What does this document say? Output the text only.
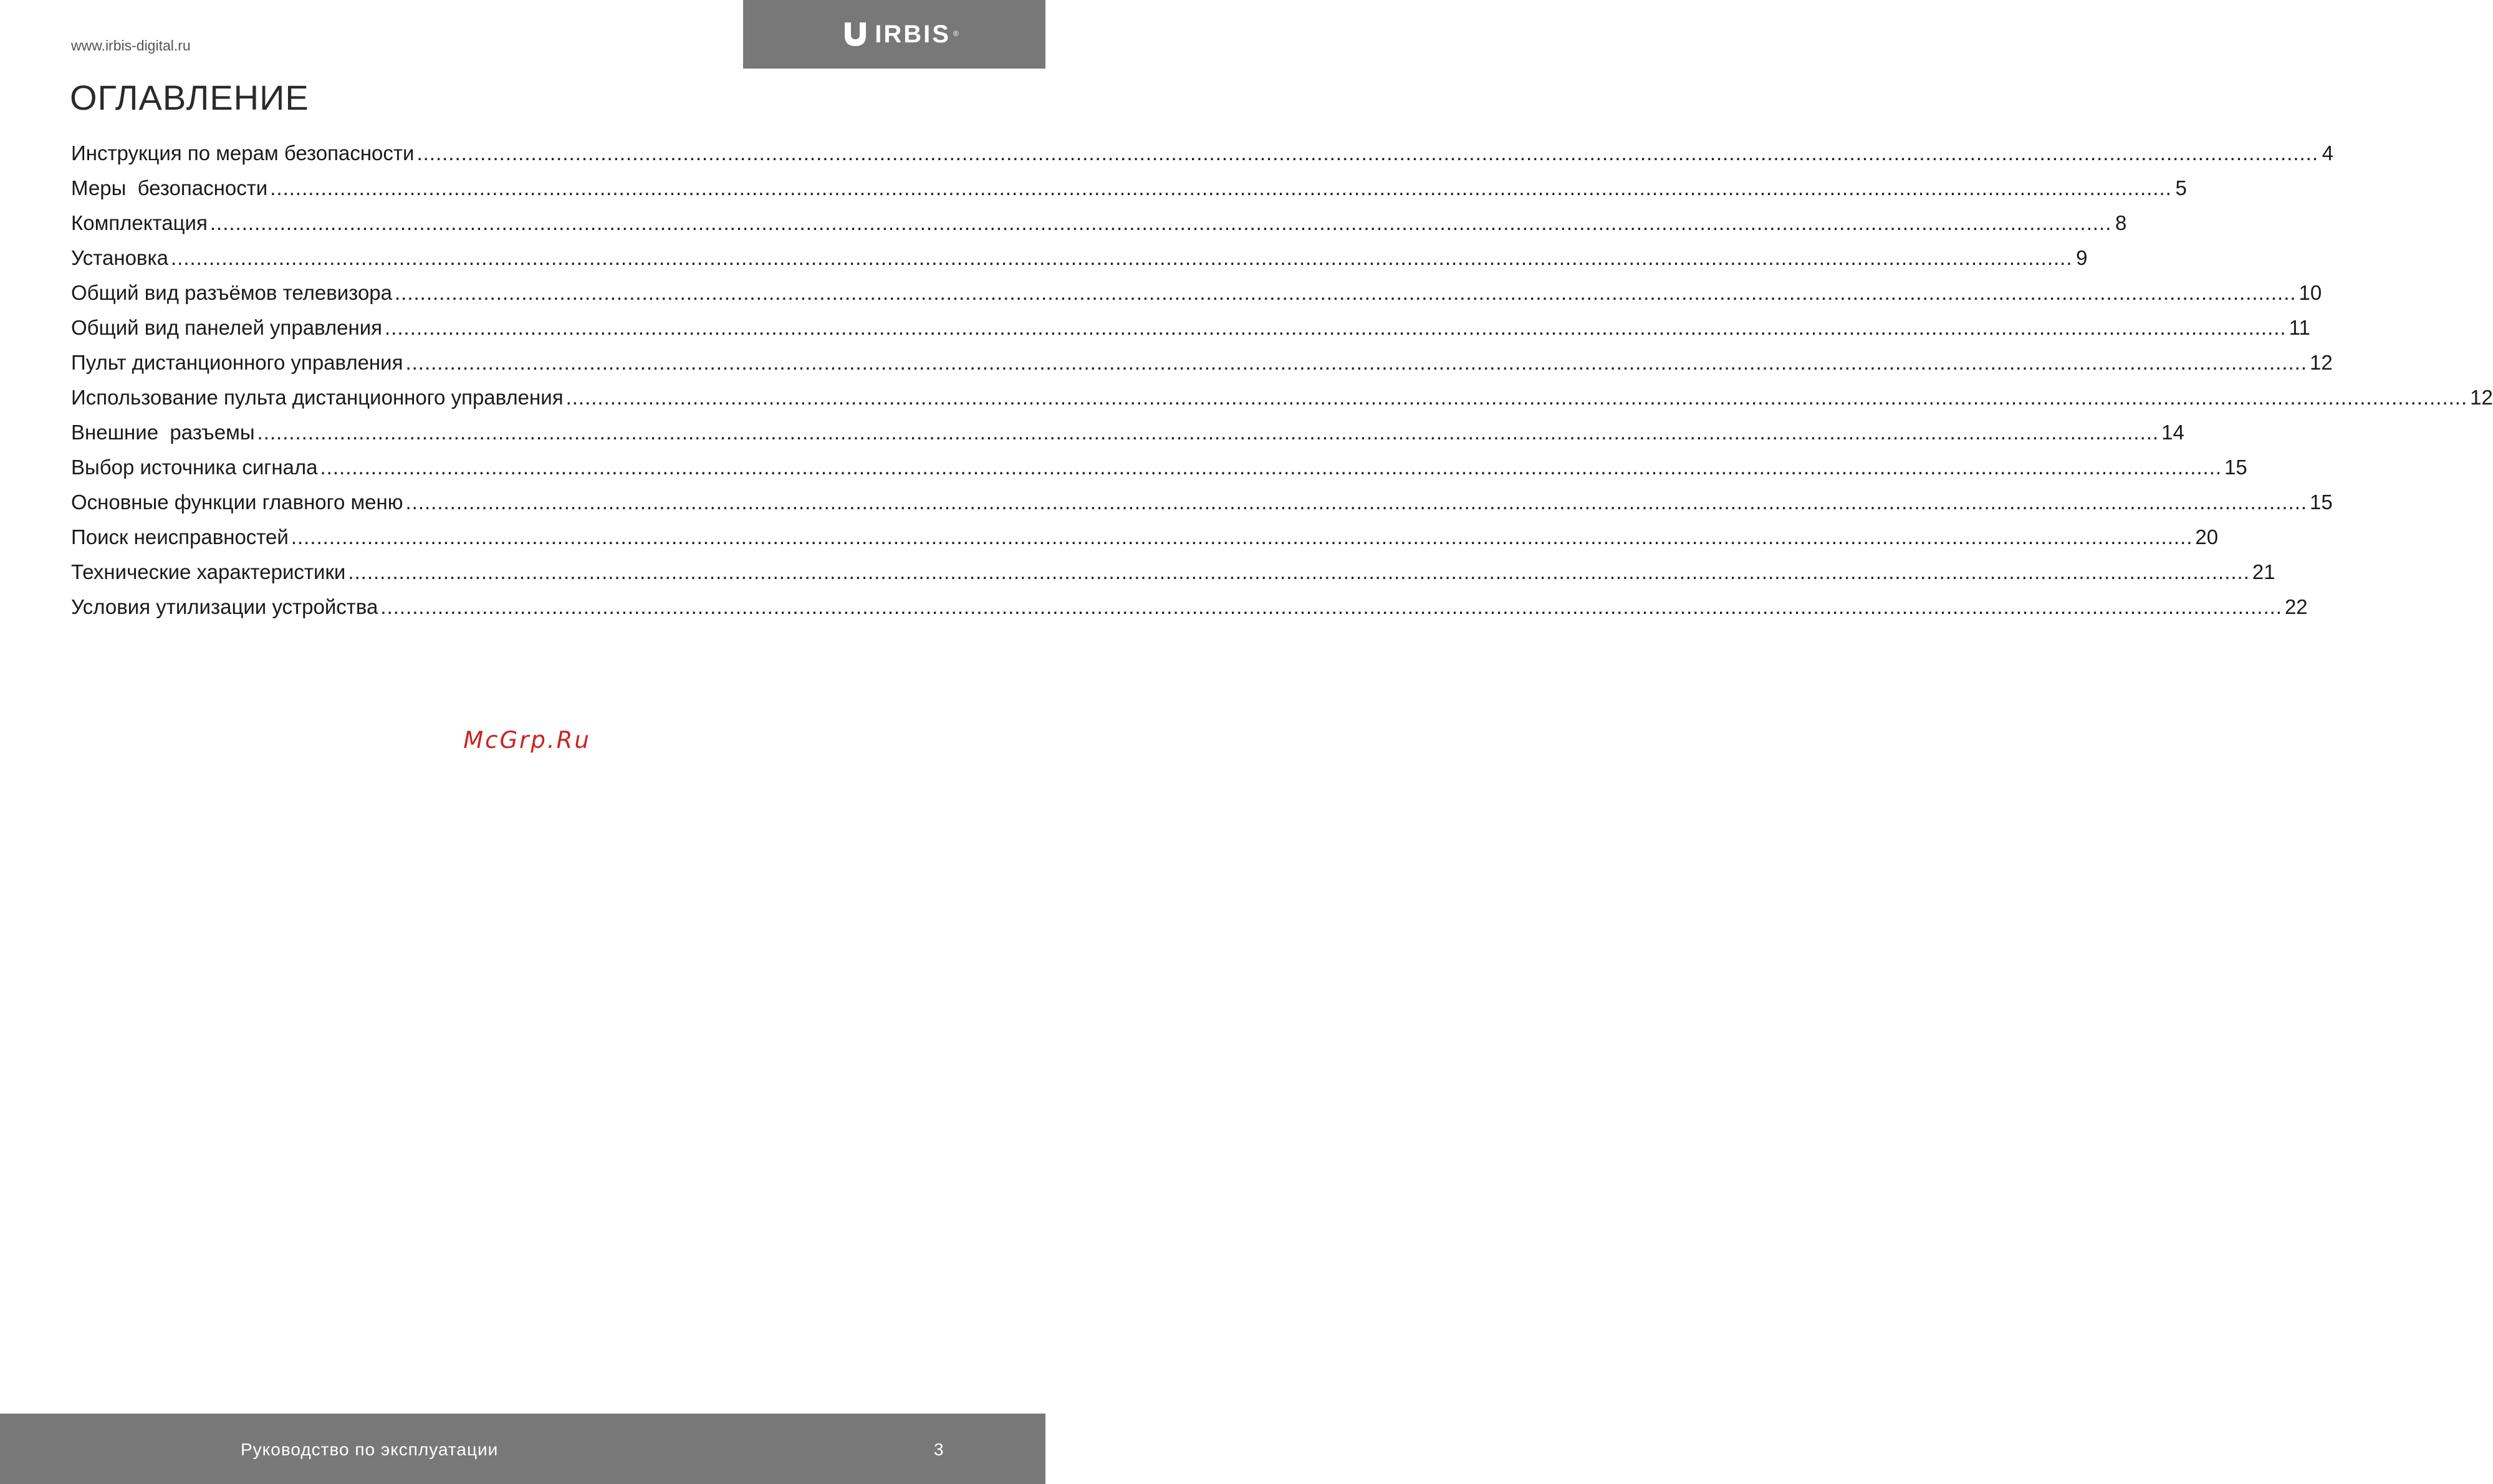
www.irbis-digital.ru	IRBIS ®
ОГЛАВЛЕНИЕ
Инструкция по мерам безопасности ............................................................................................................................................................................................................................................................................................................ 4
Меры  безопасности ............................................................................................................................................................................................................................................................................................................ 5
Комплектация ............................................................................................................................................................................................................................................................................................................ 8
Установка ............................................................................................................................................................................................................................................................................................................ 9
Общий вид разъёмов телевизора ............................................................................................................................................................................................................................................................................................................ 10
Общий вид панелей управления ............................................................................................................................................................................................................................................................................................................ 11
Пульт дистанционного управления ............................................................................................................................................................................................................................................................................................................ 12
Использование пульта дистанционного управления ............................................................................................................................................................................................................................................................................................................ 12
Внешние  разъемы ............................................................................................................................................................................................................................................................................................................ 14
Выбор источника сигнала ............................................................................................................................................................................................................................................................................................................ 15
Основные функции главного меню ............................................................................................................................................................................................................................................................................................................ 15
Поиск неисправностей ............................................................................................................................................................................................................................................................................................................ 20
Технические характеристики ............................................................................................................................................................................................................................................................................................................ 21
Условия утилизации устройства ............................................................................................................................................................................................................................................................................................................ 22
McGrp.Ru
Руководство по эксплуатации	3
